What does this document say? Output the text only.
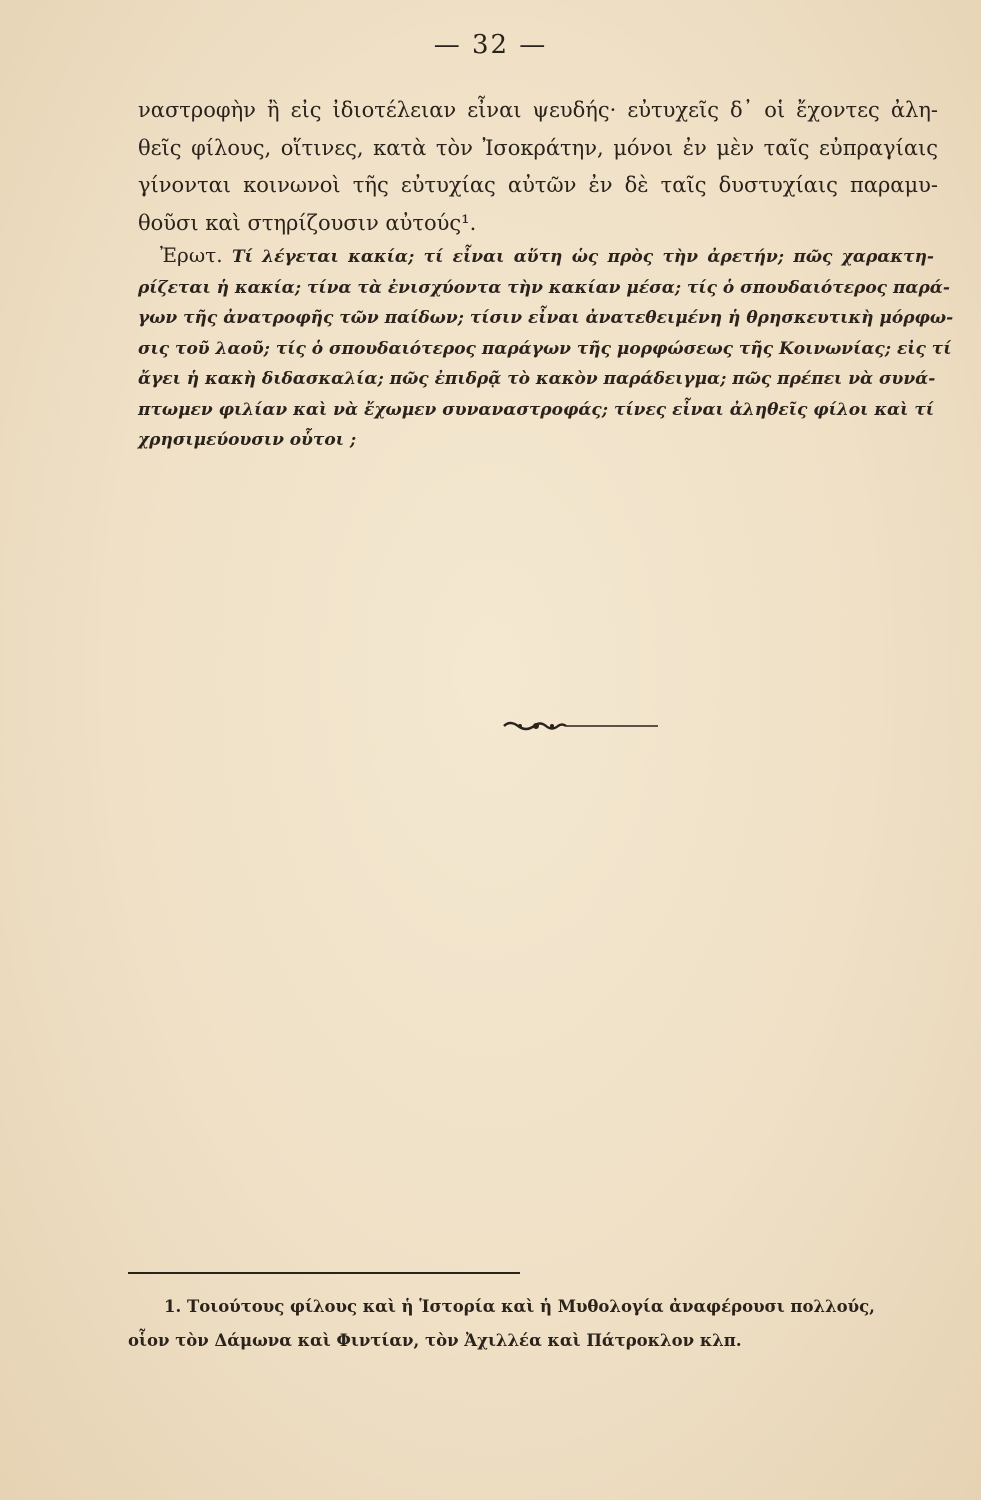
— 32 —
ναστροφὴν ἢ εἰς ἰδιοτέλειαν εἶναι ψευδής· εὐτυχεῖς δ᾿ οἱ ἔχοντες ἀλη-
θεῖς φίλους, οἵτινες, κατὰ τὸν Ἰσοκράτην, μόνοι ἐν μὲν ταῖς εὐπραγίαις
γίνονται κοινωνοὶ τῆς εὐτυχίας αὐτῶν ἐν δὲ ταῖς δυστυχίαις παραμυ-
θοῦσι καὶ στηρίζουσιν αὐτούς¹.
Ἐρωτ. Τί λέγεται κακία; τί εἶναι αὕτη ὡς πρὸς τὴν ἀρετήν; πῶς χαρακτη-
ρίζεται ἡ κακία; τίνα τὰ ἐνισχύοντα τὴν κακίαν μέσα; τίς ὁ σπουδαιότερος παρά-
γων τῆς ἀνατροφῆς τῶν παίδων; τίσιν εἶναι ἀνατεθειμένη ἡ θρησκευτικὴ μόρφω-
σις τοῦ λαοῦ; τίς ὁ σπουδαιότερος παράγων τῆς μορφώσεως τῆς Κοινωνίας; εἰς τί
ἄγει ἡ κακὴ διδασκαλία; πῶς ἐπιδρᾷ τὸ κακὸν παράδειγμα; πῶς πρέπει νὰ συνά-
πτωμεν φιλίαν καὶ νὰ ἔχωμεν συναναστροφάς; τίνες εἶναι ἀληθεῖς φίλοι καὶ τί
χρησιμεύουσιν οὗτοι ;
1. Τοιούτους φίλους καὶ ἡ Ἱστορία καὶ ἡ Μυθολογία ἀναφέρουσι πολλούς,
οἷον τὸν Δάμωνα καὶ Φιντίαν, τὸν Ἀχιλλέα καὶ Πάτροκλον κλπ.
